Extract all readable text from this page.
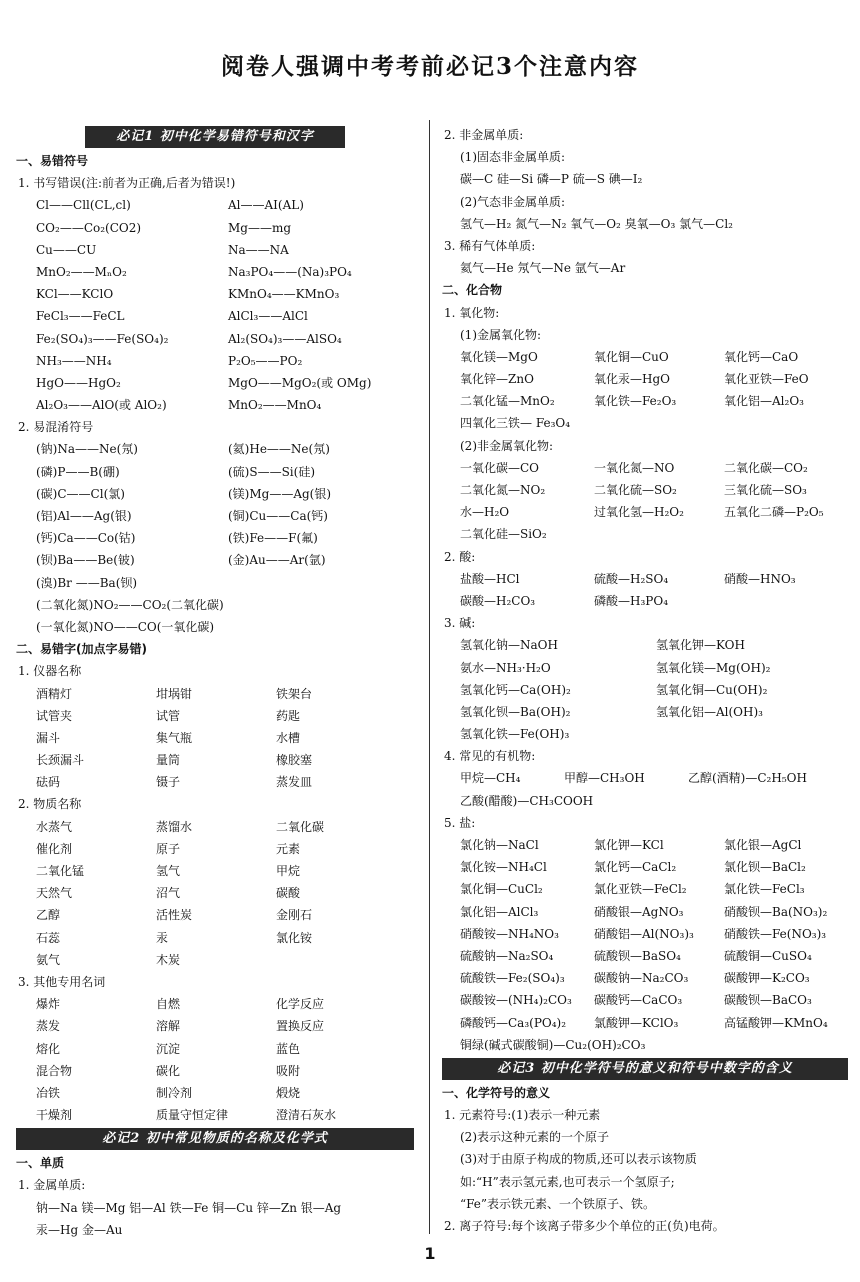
阅卷人强调中考考前必记3个注意内容
必记1 初中化学易错符号和汉字
一、易错符号
1. 书写错误(注:前者为正确,后者为错误!)
Cl——Cll(CL,cl)	Al——AI(AL)
CO₂——Co₂(CO2)	Mg——mg
Cu——CU	Na——NA
MnO₂——MₙO₂	Na₃PO₄——(Na)₃PO₄
KCl——KClO	KMnO₄——KMnO₃
FeCl₃——FeCL	AlCl₃——AlCl
Fe₂(SO₄)₃——Fe(SO₄)₂	Al₂(SO₄)₃——AlSO₄
NH₃——NH₄	P₂O₅——PO₂
HgO——HgO₂	MgO——MgO₂(或 OMg)
Al₂O₃——AlO(或 AlO₂)	MnO₂——MnO₄
2. 易混淆符号
(钠)Na——Ne(氖)	(氦)He——Ne(氖)
(磷)P——B(硼)	(硫)S——Si(硅)
(碳)C——Cl(氯)	(镁)Mg——Ag(银)
(铝)Al——Ag(银)	(铜)Cu——Ca(钙)
(钙)Ca——Co(钴)	(铁)Fe——F(氟)
(钡)Ba——Be(铍)	(金)Au——Ar(氩)
(溴)Br ——Ba(钡)
(二氧化氮)NO₂——CO₂(二氧化碳)
(一氧化氮)NO——CO(一氧化碳)
二、易错字(加点字易错)
1. 仪器名称
酒精灯	坩埚钳	铁架台
试管夹	试管	药匙
漏斗	集气瓶	水槽
长颈漏斗	量筒	橡胶塞
砝码	镊子	蒸发皿
2. 物质名称
水蒸气	蒸馏水	二氧化碳
催化剂	原子	元素
二氧化锰	氢气	甲烷
天然气	沼气	碳酸
乙醇	活性炭	金刚石
石蕊	汞	氯化铵
氨气	木炭
3. 其他专用名词
爆炸	自燃	化学反应
蒸发	溶解	置换反应
熔化	沉淀	蓝色
混合物	碳化	吸附
冶铁	制冷剂	煅烧
干燥剂	质量守恒定律	澄清石灰水
必记2 初中常见物质的名称及化学式
一、单质
1. 金属单质:
钠—Na 镁—Mg 铝—Al 铁—Fe 铜—Cu 锌—Zn 银—Ag
汞—Hg 金—Au
2. 非金属单质:
(1)固态非金属单质:
碳—C 硅—Si 磷—P 硫—S 碘—I₂
(2)气态非金属单质:
氢气—H₂ 氮气—N₂ 氧气—O₂ 臭氧—O₃ 氯气—Cl₂
3. 稀有气体单质:
氦气—He 氖气—Ne 氩气—Ar
二、化合物
1. 氧化物:
(1)金属氧化物:
氧化镁—MgO	氧化铜—CuO	氧化钙—CaO
氧化锌—ZnO	氧化汞—HgO	氧化亚铁—FeO
二氧化锰—MnO₂	氧化铁—Fe₂O₃	氧化铝—Al₂O₃
四氧化三铁— Fe₃O₄
(2)非金属氧化物:
一氧化碳—CO	一氧化氮—NO	二氧化碳—CO₂
二氧化氮—NO₂	二氧化硫—SO₂	三氧化硫—SO₃
水—H₂O	过氧化氢—H₂O₂	五氧化二磷—P₂O₅
二氧化硅—SiO₂
2. 酸:
盐酸—HCl	硫酸—H₂SO₄	硝酸—HNO₃
碳酸—H₂CO₃	磷酸—H₃PO₄
3. 碱:
氢氧化钠—NaOH	氢氧化钾—KOH
氨水—NH₃·H₂O	氢氧化镁—Mg(OH)₂
氢氧化钙—Ca(OH)₂	氢氧化铜—Cu(OH)₂
氢氧化钡—Ba(OH)₂	氢氧化铝—Al(OH)₃
氢氧化铁—Fe(OH)₃
4. 常见的有机物:
甲烷—CH₄	甲醇—CH₃OH	乙醇(酒精)—C₂H₅OH
乙酸(醋酸)—CH₃COOH
5. 盐:
氯化钠—NaCl	氯化钾—KCl	氯化银—AgCl
氯化铵—NH₄Cl	氯化钙—CaCl₂	氯化钡—BaCl₂
氯化铜—CuCl₂	氯化亚铁—FeCl₂	氯化铁—FeCl₃
氯化铝—AlCl₃	硝酸银—AgNO₃	硝酸钡—Ba(NO₃)₂
硝酸铵—NH₄NO₃	硝酸铝—Al(NO₃)₃	硝酸铁—Fe(NO₃)₃
硫酸钠—Na₂SO₄	硫酸钡—BaSO₄	硫酸铜—CuSO₄
硫酸铁—Fe₂(SO₄)₃ 碳酸钠—Na₂CO₃	碳酸钾—K₂CO₃
碳酸铵—(NH₄)₂CO₃ 碳酸钙—CaCO₃	碳酸钡—BaCO₃
磷酸钙—Ca₃(PO₄)₂ 氯酸钾—KClO₃	高锰酸钾—KMnO₄
铜绿(碱式碳酸铜)—Cu₂(OH)₂CO₃
必记3 初中化学符号的意义和符号中数字的含义
一、化学符号的意义
1. 元素符号:(1)表示一种元素
(2)表示这种元素的一个原子
(3)对于由原子构成的物质,还可以表示该物质
如:“H”表示氢元素,也可表示一个氢原子;
“Fe”表示铁元素、一个铁原子、铁。
2. 离子符号:每个该离子带多少个单位的正(负)电荷。
1
